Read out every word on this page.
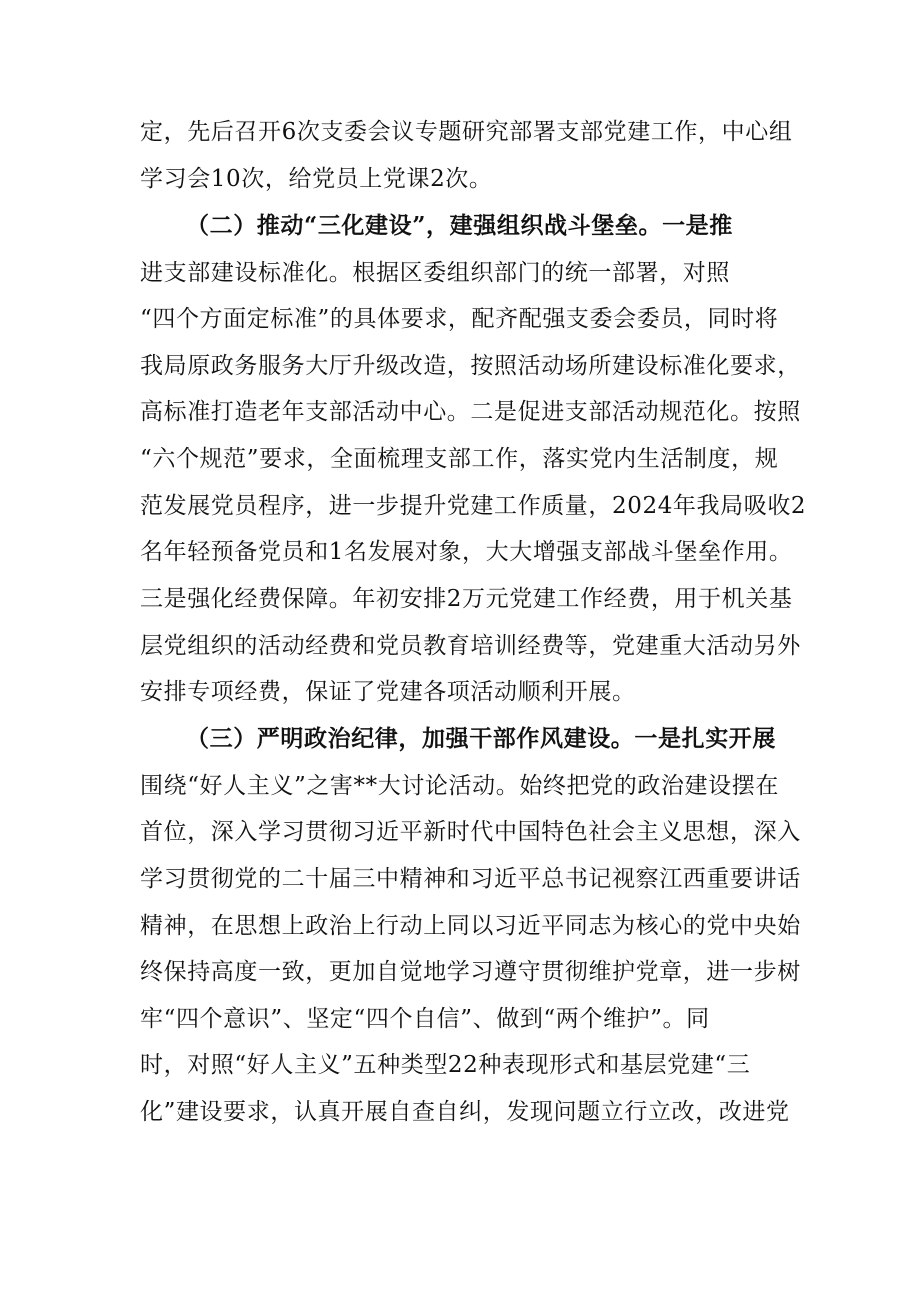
定，先后召开6次支委会议专题研究部署支部党建工作，中心组
学习会10次，给党员上党课2次。
（二）推动“三化建设”，建强组织战斗堡垒。一是推
进支部建设标准化。根据区委组织部门的统一部署，对照
“四个方面定标准”的具体要求，配齐配强支委会委员，同时将
我局原政务服务大厅升级改造，按照活动场所建设标准化要求，
高标准打造老年支部活动中心。二是促进支部活动规范化。按照
“六个规范”要求，全面梳理支部工作，落实党内生活制度，规
范发展党员程序，进一步提升党建工作质量，2024年我局吸收2
名年轻预备党员和1名发展对象，大大增强支部战斗堡垒作用。
三是强化经费保障。年初安排2万元党建工作经费，用于机关基
层党组织的活动经费和党员教育培训经费等，党建重大活动另外
安排专项经费，保证了党建各项活动顺利开展。
（三）严明政治纪律，加强干部作风建设。一是扎实开展
围绕“好人主义”之害**大讨论活动。始终把党的政治建设摆在
首位，深入学习贯彻习近平新时代中国特色社会主义思想，深入
学习贯彻党的二十届三中精神和习近平总书记视察江西重要讲话
精神，在思想上政治上行动上同以习近平同志为核心的党中央始
终保持高度一致，更加自觉地学习遵守贯彻维护党章，进一步树
牢“四个意识”、坚定“四个自信”、做到“两个维护”。同
时，对照“好人主义”五种类型22种表现形式和基层党建“三
化”建设要求，认真开展自查自纠，发现问题立行立改，改进党
